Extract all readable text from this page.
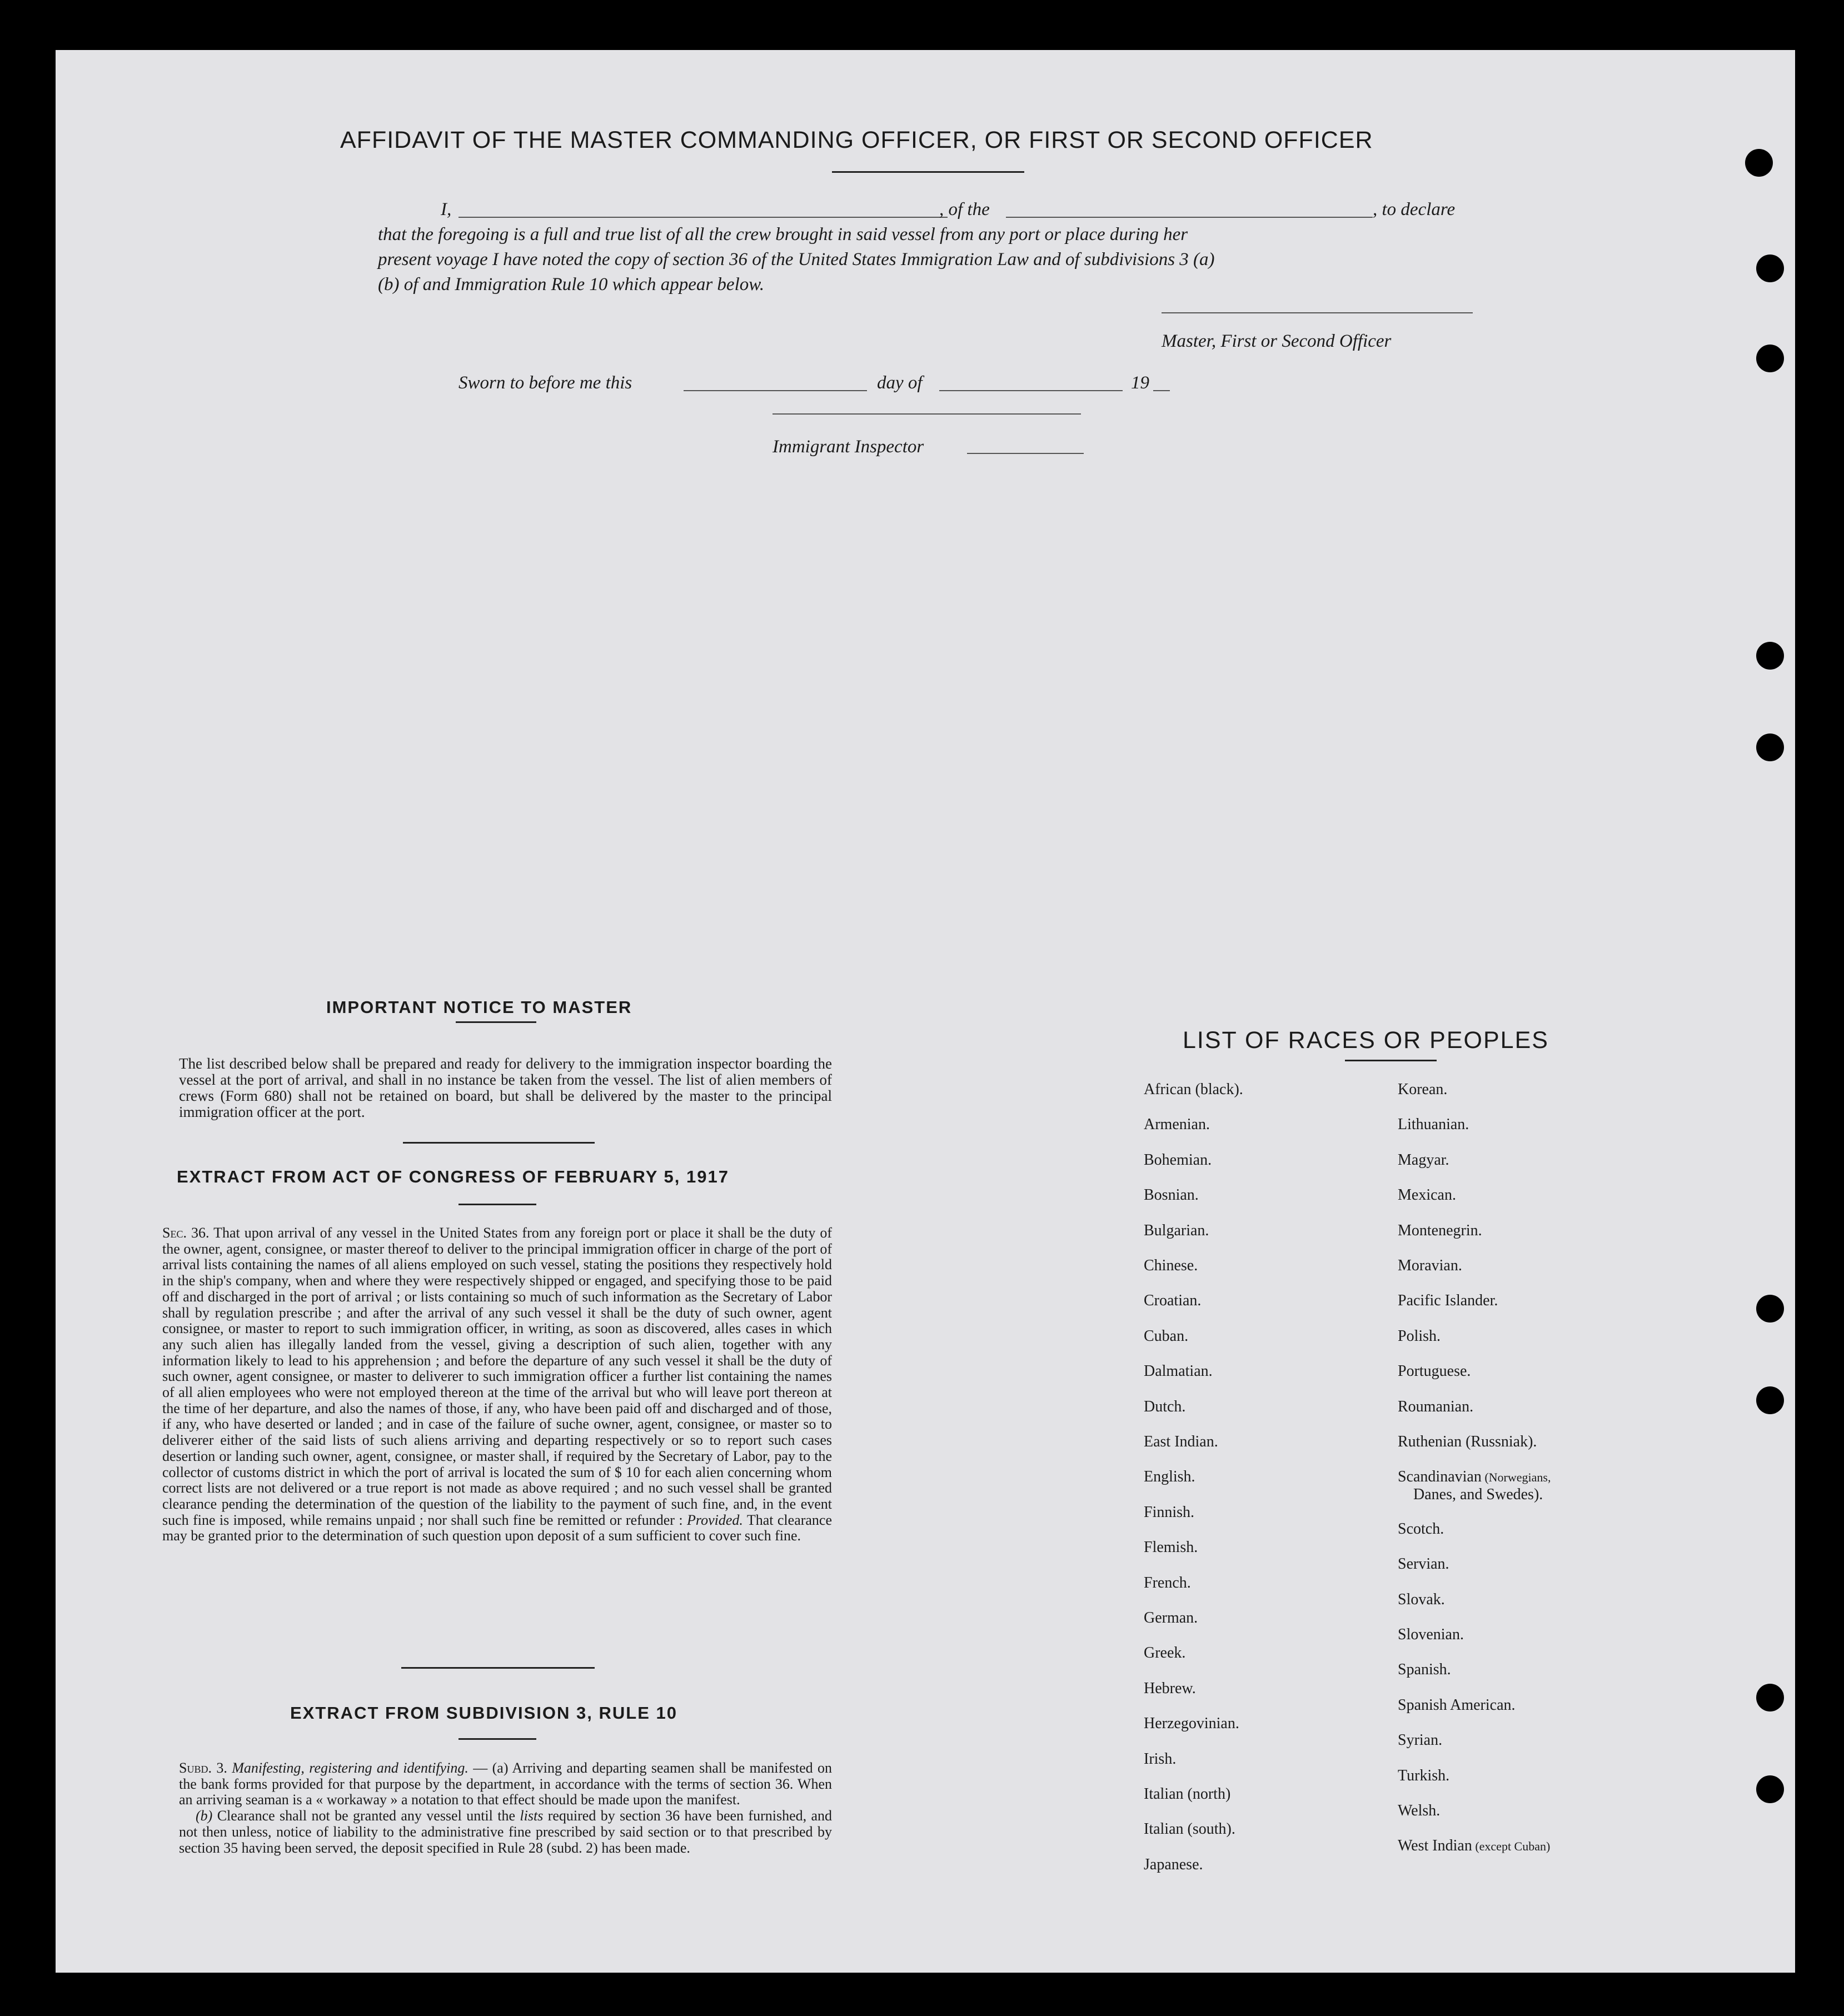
AFFIDAVIT OF THE MASTER COMMANDING OFFICER, OR FIRST OR SECOND OFFICER
I,	, of the	, to declare
that the foregoing is a full and true list of all the crew brought in said vessel from any port or place during her
present voyage I have noted the copy of section 36 of the United States Immigration Law and of subdivisions 3 (a)
(b) of and Immigration Rule 10 which appear below.
Master, First or Second Officer
Sworn to before me this	day of	19
Immigrant Inspector
IMPORTANT NOTICE TO MASTER

The list described below shall be prepared and ready for delivery to the immigration inspector boarding the vessel at the port of arrival, and shall in no instance be taken from the vessel. The list of alien members of crews (Form 680) shall not be retained on board, but shall be delivered by the master to the principal immigration officer at the port.

EXTRACT FROM ACT OF CONGRESS OF FEBRUARY 5, 1917

Sec. 36. That upon arrival of any vessel in the United States from any foreign port or place it shall be the duty of the owner, agent, consignee, or master thereof to deliver to the principal immigration officer in charge of the port of arrival lists containing the names of all aliens employed on such vessel, stating the positions they respectively hold in the ship's company, when and where they were respectively shipped or engaged, and specifying those to be paid off and discharged in the port of arrival ; or lists containing so much of such information as the Secretary of Labor shall by regulation prescribe ; and after the arrival of any such vessel it shall be the duty of such owner, agent consignee, or master to report to such immigration officer, in writing, as soon as discovered, alles cases in which any such alien has illegally landed from the vessel, giving a description of such alien, together with any information likely to lead to his apprehension ; and before the departure of any such vessel it shall be the duty of such owner, agent consignee, or master to deliverer to such immigration officer a further list containing the names of all alien employees who were not employed thereon at the time of the arrival but who will leave port thereon at the time of her departure, and also the names of those, if any, who have been paid off and discharged and of those, if any, who have deserted or landed ; and in case of the failure of suche owner, agent, consignee, or master so to deliverer either of the said lists of such aliens arriving and departing respectively or so to report such cases desertion or landing such owner, agent, consignee, or master shall, if required by the Secretary of Labor, pay to the collector of customs district in which the port of arrival is located the sum of $ 10 for each alien concerning whom correct lists are not delivered or a true report is not made as above required ; and no such vessel shall be granted clearance pending the determination of the question of the liability to the payment of such fine, and, in the event such fine is imposed, while remains unpaid ; nor shall such fine be remitted or refunder : Provided. That clearance may be granted prior to the determination of such question upon deposit of a sum sufficient to cover such fine.

EXTRACT FROM SUBDIVISION 3, RULE 10

Subd. 3. Manifesting, registering and identifying. — (a) Arriving and departing seamen shall be manifested on the bank forms provided for that purpose by the department, in accordance with the terms of section 36. When an arriving seaman is a « workaway » a notation to that effect should be made upon the manifest.

(b) Clearance shall not be granted any vessel until the lists required by section 36 have been furnished, and not then unless, notice of liability to the administrative fine prescribed by said section or to that prescribed by section 35 having been served, the deposit specified in Rule 28 (subd. 2) has been made.

LIST OF RACES OR PEOPLES
African (black).
Armenian.
Bohemian.
Bosnian.
Bulgarian.
Chinese.
Croatian.
Cuban.
Dalmatian.
Dutch.
East Indian.
English.
Finnish.
Flemish.
French.
German.
Greek.
Hebrew.
Herzegovinian.
Irish.
Italian (north)
Italian (south).
Japanese.
Korean.
Lithuanian.
Magyar.
Mexican.
Montenegrin.
Moravian.
Pacific Islander.
Polish.
Portuguese.
Roumanian.
Ruthenian (Russniak).
Scandinavian (Norwegians,
Danes, and Swedes).
Scotch.
Servian.
Slovak.
Slovenian.
Spanish.
Spanish American.
Syrian.
Turkish.
Welsh.
West Indian (except Cuban)
